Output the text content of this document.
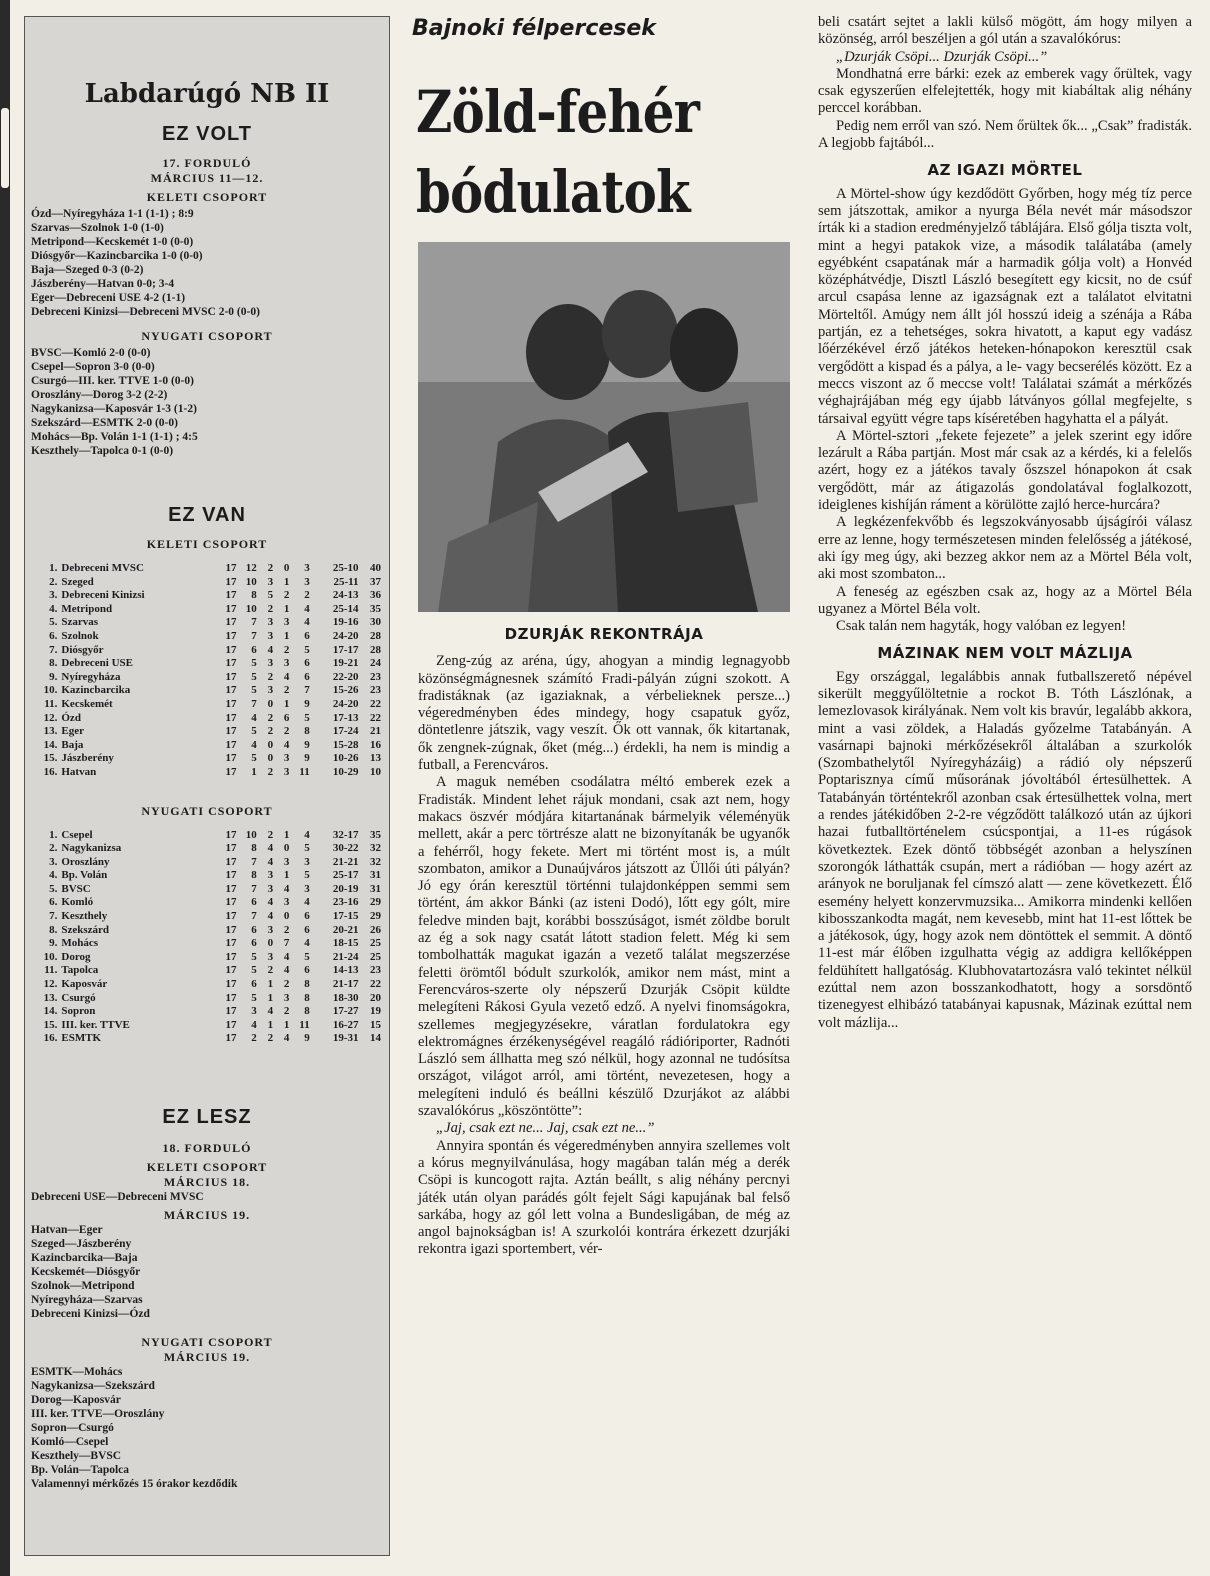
Labdarúgó NB II
EZ VOLT
17. FORDULÓ
MÁRCIUS 11—12.
KELETI CSOPORT
Ózd—Nyíregyháza 1-1 (1-1) ; 8:9
Szarvas—Szolnok 1-0 (1-0)
Metripond—Kecskemét 1-0 (0-0)
Diósgyőr—Kazincbarcika 1-0 (0-0)
Baja—Szeged 0-3 (0-2)
Jászberény—Hatvan 0-0; 3-4
Eger—Debreceni USE 4-2 (1-1)
Debreceni Kinizsi—Debreceni MVSC 2-0 (0-0)
NYUGATI CSOPORT
BVSC—Komló 2-0 (0-0)
Csepel—Sopron 3-0 (0-0)
Csurgó—III. ker. TTVE 1-0 (0-0)
Oroszlány—Dorog 3-2 (2-2)
Nagykanizsa—Kaposvár 1-3 (1-2)
Szekszárd—ESMTK 2-0 (0-0)
Mohács—Bp. Volán 1-1 (1-1) ; 4:5
Keszthely—Tapolca 0-1 (0-0)
EZ VAN
KELETI CSOPORT
1.	Debreceni MVSC	17	12	2	0	3	25-10	40
2.	Szeged	17	10	3	1	3	25-11	37
3.	Debreceni Kinizsi	17	8	5	2	2	24-13	36
4.	Metripond	17	10	2	1	4	25-14	35
5.	Szarvas	17	7	3	3	4	19-16	30
6.	Szolnok	17	7	3	1	6	24-20	28
7.	Diósgyőr	17	6	4	2	5	17-17	28
8.	Debreceni USE	17	5	3	3	6	19-21	24
9.	Nyíregyháza	17	5	2	4	6	22-20	23
10.	Kazincbarcika	17	5	3	2	7	15-26	23
11.	Kecskemét	17	7	0	1	9	24-20	22
12.	Ózd	17	4	2	6	5	17-13	22
13.	Eger	17	5	2	2	8	17-24	21
14.	Baja	17	4	0	4	9	15-28	16
15.	Jászberény	17	5	0	3	9	10-26	13
16.	Hatvan	17	1	2	3	11	10-29	10
NYUGATI CSOPORT
1.	Csepel	17	10	2	1	4	32-17	35
2.	Nagykanizsa	17	8	4	0	5	30-22	32
3.	Oroszlány	17	7	4	3	3	21-21	32
4.	Bp. Volán	17	8	3	1	5	25-17	31
5.	BVSC	17	7	3	4	3	20-19	31
6.	Komló	17	6	4	3	4	23-16	29
7.	Keszthely	17	7	4	0	6	17-15	29
8.	Szekszárd	17	6	3	2	6	20-21	26
9.	Mohács	17	6	0	7	4	18-15	25
10.	Dorog	17	5	3	4	5	21-24	25
11.	Tapolca	17	5	2	4	6	14-13	23
12.	Kaposvár	17	6	1	2	8	21-17	22
13.	Csurgó	17	5	1	3	8	18-30	20
14.	Sopron	17	3	4	2	8	17-27	19
15.	III. ker. TTVE	17	4	1	1	11	16-27	15
16.	ESMTK	17	2	2	4	9	19-31	14
EZ LESZ
18. FORDULÓ
KELETI CSOPORT
MÁRCIUS 18.
Debreceni USE—Debreceni MVSC
MÁRCIUS 19.
Hatvan—Eger
Szeged—Jászberény
Kazincbarcika—Baja
Kecskemét—Diósgyőr
Szolnok—Metripond
Nyíregyháza—Szarvas
Debreceni Kinizsi—Ózd
NYUGATI CSOPORT
MÁRCIUS 19.
ESMTK—Mohács
Nagykanizsa—Szekszárd
Dorog—Kaposvár
III. ker. TTVE—Oroszlány
Sopron—Csurgó
Komló—Csepel
Keszthely—BVSC
Bp. Volán—Tapolca
Valamennyi mérkőzés 15 órakor kezdődik
Bajnoki félpercesek
Zöld-fehér bódulatok
DZURJÁK REKONTRÁJA

Zeng-zúg az aréna, úgy, ahogyan a mindig legnagyobb közönségmágnesnek számító Fradi-pályán zúgni szokott. A fradistáknak (az igaziaknak, a vérbelieknek persze...) végeredményben édes mindegy, hogy csapatuk győz, döntetlenre játszik, vagy veszít. Ők ott vannak, ők kitartanak, ők zengnek-zúgnak, őket (még...) érdekli, ha nem is mindig a futball, a Ferencváros.

A maguk nemében csodálatra méltó emberek ezek a Fradisták. Mindent lehet rájuk mondani, csak azt nem, hogy makacs öszvér módjára kitartanának bármelyik véleményük mellett, akár a perc törtrésze alatt ne bizonyítanák be ugyanők a fehérről, hogy fekete. Mert mi történt most is, a múlt szombaton, amikor a Dunaújváros játszott az Üllői úti pályán? Jó egy órán keresztül történni tulajdonképpen semmi sem történt, ám akkor Bánki (az isteni Dodó), lőtt egy gólt, mire feledve minden bajt, korábbi bosszúságot, ismét zöldbe borult az ég a sok nagy csatát látott stadion felett. Még ki sem tombolhatták magukat igazán a vezető találat megszerzése feletti örömtől bódult szurkolók, amikor nem mást, mint a Ferencváros-szerte oly népszerű Dzurják Csöpit küldte melegíteni Rákosi Gyula vezető edző. A nyelvi finomságokra, szellemes megjegyzésekre, váratlan fordulatokra egy elektromágnes érzékenységével reagáló rádióriporter, Radnóti László sem állhatta meg szó nélkül, hogy azonnal ne tudósítsa országot, világot arról, ami történt, nevezetesen, hogy a melegíteni induló és beállni készülő Dzurjákot az alábbi szavalókórus „köszöntötte”:

„Jaj, csak ezt ne... Jaj, csak ezt ne...”

Annyira spontán és végeredményben annyira szellemes volt a kórus megnyilvánulása, hogy magában talán még a derék Csöpi is kuncogott rajta. Aztán beállt, s alig néhány percnyi játék után olyan parádés gólt fejelt Sági kapujának bal felső sarkába, hogy az gól lett volna a Bundesligában, de még az angol bajnokságban is! A szurkolói kontrára érkezett dzurjáki rekontra igazi sportembert, vér-

beli csatárt sejtet a lakli külső mögött, ám hogy milyen a közönség, arról beszéljen a gól után a szavalókórus:

„Dzurják Csöpi... Dzurják Csöpi...”

Mondhatná erre bárki: ezek az emberek vagy őrültek, vagy csak egyszerűen elfelejtették, hogy mit kiabáltak alig néhány perccel korábban.

Pedig nem erről van szó. Nem őrültek ők... „Csak” fradisták. A legjobb fajtából...

AZ IGAZI MÖRTEL

A Mörtel-show úgy kezdődött Győrben, hogy még tíz perce sem játszottak, amikor a nyurga Béla nevét már másodszor írták ki a stadion eredményjelző táblájára. Első gólja tiszta volt, mint a hegyi patakok vize, a második találatába (amely egyébként csapatának már a harmadik gólja volt) a Honvéd középhátvédje, Disztl László besegített egy kicsit, no de csúf arcul csapása lenne az igazságnak ezt a találatot elvitatni Mörteltől. Amúgy nem állt jól hosszú ideig a szénája a Rába partján, ez a tehetséges, sokra hivatott, a kaput egy vadász lőérzékével érző játékos heteken-hónapokon keresztül csak vergődött a kispad és a pálya, a le- vagy becserélés között. Ez a meccs viszont az ő meccse volt! Találatai számát a mérkőzés véghajrájában még egy újabb látványos góllal megfejelte, s társaival együtt végre taps kíséretében hagyhatta el a pályát.

A Mörtel-sztori „fekete fejezete” a jelek szerint egy időre lezárult a Rába partján. Most már csak az a kérdés, ki a felelős azért, hogy ez a játékos tavaly őszszel hónapokon át csak vergődött, már az átigazolás gondolatával foglalkozott, ideiglenes kishíján ráment a körülötte zajló herce-hurcára?

A legkézenfekvőbb és legszokványosabb újságírói válasz erre az lenne, hogy természetesen minden felelősség a játékosé, aki így meg úgy, aki bezzeg akkor nem az a Mörtel Béla volt, aki most szombaton...

A feneség az egészben csak az, hogy az a Mörtel Béla ugyanez a Mörtel Béla volt.

Csak talán nem hagyták, hogy valóban ez legyen!

MÁZINAK NEM VOLT MÁZLIJA

Egy országgal, legalábbis annak futballszerető népével sikerült meggyűlöltetnie a rockot B. Tóth Lászlónak, a lemezlovasok királyának. Nem volt kis bravúr, legalább akkora, mint a vasi zöldek, a Haladás győzelme Tatabányán. A vasárnapi bajnoki mérkőzésekről általában a szurkolók (Szombathelytől Nyíregyházáig) a rádió oly népszerű Poptarisznya című műsorának jóvoltából értesülhettek. A Tatabányán történtekről azonban csak értesülhettek volna, mert a rendes játékidőben 2-2-re végződött találkozó után az újkori hazai futballtörténelem csúcspontjai, a 11-es rúgások következtek. Ezek döntő többségét azonban a helyszínen szorongók láthatták csupán, mert a rádióban — hogy azért az arányok ne boruljanak fel címszó alatt — zene következett. Élő esemény helyett konzervmuzsika... Amikorra mindenki kellően kibosszankodta magát, nem kevesebb, mint hat 11-est lőttek be a játékosok, úgy, hogy azok nem döntöttek el semmit. A döntő 11-est már élőben izgulhatta végig az addigra kellőképpen feldühített hallgatóság. Klubhovatartozásra való tekintet nélkül ezúttal nem azon bosszankodhatott, hogy a sorsdöntő tizenegyest elhibázó tatabányai kapusnak, Mázinak ezúttal nem volt mázlija...
